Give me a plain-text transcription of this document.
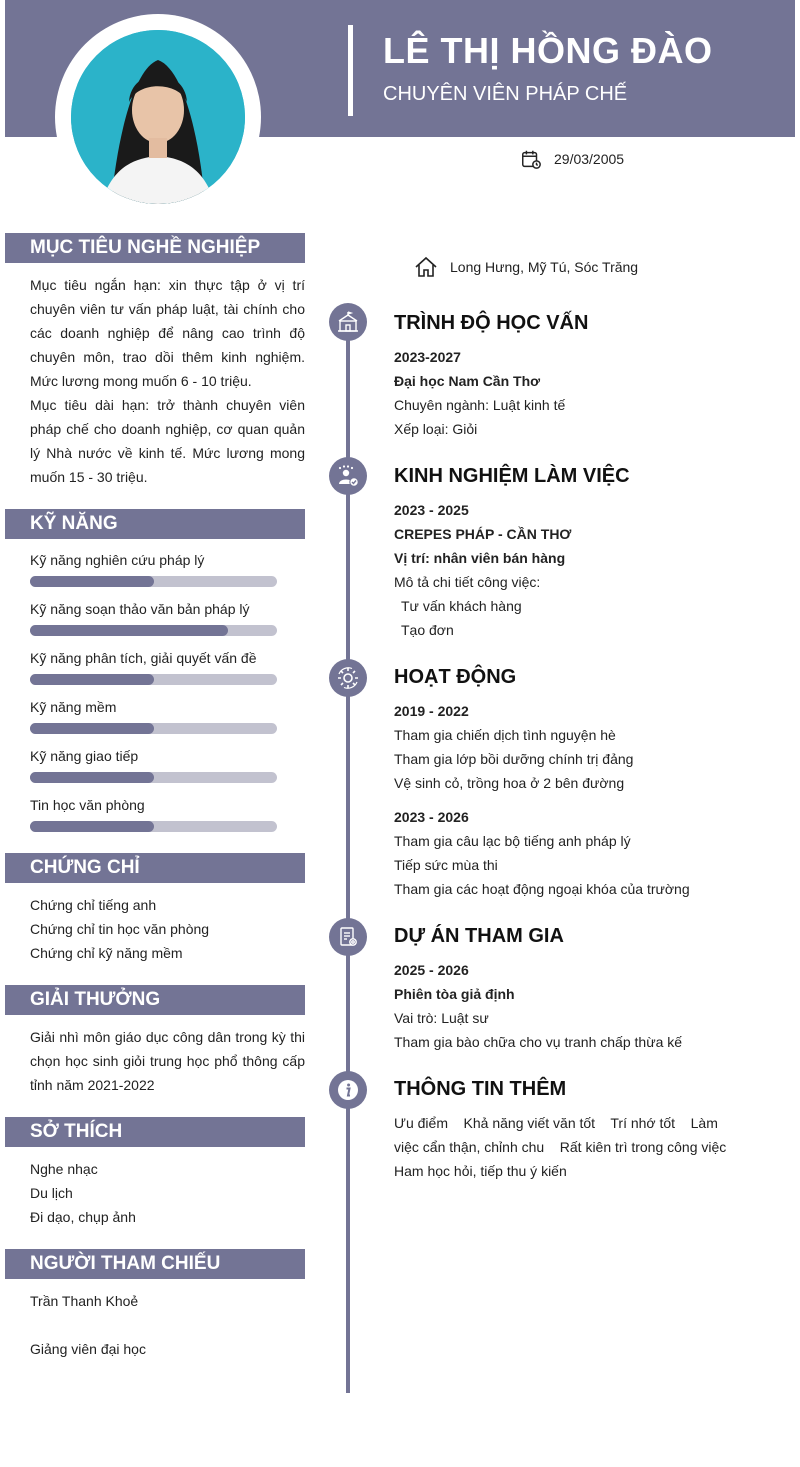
LÊ THỊ HỒNG ĐÀO
CHUYÊN VIÊN PHÁP CHẾ
29/03/2005
Long Hưng, Mỹ Tú, Sóc Trăng
MỤC TIÊU NGHỀ NGHIỆP

Mục tiêu ngắn hạn: xin thực tập ở vị trí chuyên viên tư vấn pháp luật, tài chính cho các doanh nghiệp để nâng cao trình độ chuyên môn, trao dồi thêm kinh nghiệm. Mức lương mong muốn 6 - 10 triệu.

Mục tiêu dài hạn: trở thành chuyên viên pháp chế cho doanh nghiệp, cơ quan quản lý Nhà nước về kinh tế. Mức lương mong muốn 15 - 30 triệu.

KỸ NĂNG
Kỹ năng nghiên cứu pháp lý
Kỹ năng soạn thảo văn bản pháp lý
Kỹ năng phân tích, giải quyết vấn đề
Kỹ năng mềm
Kỹ năng giao tiếp
Tin học văn phòng
CHỨNG CHỈ
Chứng chỉ tiếng anh
Chứng chỉ tin học văn phòng
Chứng chỉ kỹ năng mềm
GIẢI THƯỞNG
Giải nhì môn giáo dục công dân trong kỳ thi chọn học sinh giỏi trung học phổ thông cấp tỉnh năm 2021-2022
SỞ THÍCH
Nghe nhạc
Du lịch
Đi dạo, chụp ảnh
NGƯỜI THAM CHIẾU
Trần Thanh Khoẻ
Giảng viên đại học
TRÌNH ĐỘ HỌC VẤN
2023-2027
Đại học Nam Cần Thơ
Chuyên ngành: Luật kinh tế
Xếp loại: Giỏi
KINH NGHIỆM LÀM VIỆC
2023 - 2025
CREPES PHÁP - CẦN THƠ
Vị trí: nhân viên bán hàng
Mô tả chi tiết công việc:
Tư vấn khách hàng
Tạo đơn
HOẠT ĐỘNG
2019 - 2022
Tham gia chiến dịch tình nguyện hè
Tham gia lớp bồi dưỡng chính trị đảng
Vệ sinh cỏ, trồng hoa ở 2 bên đường
2023 - 2026
Tham gia câu lạc bộ tiếng anh pháp lý
Tiếp sức mùa thi
Tham gia các hoạt động ngoại khóa của trường
DỰ ÁN THAM GIA
2025 - 2026
Phiên tòa giả định
Vai trò: Luật sư
Tham gia bào chữa cho vụ tranh chấp thừa kế
THÔNG TIN THÊM
Ưu điểm    Khả năng viết văn tốt    Trí nhớ tốt    Làm
việc cẩn thận, chỉnh chu    Rất kiên trì trong công việc
Ham học hỏi, tiếp thu ý kiến
